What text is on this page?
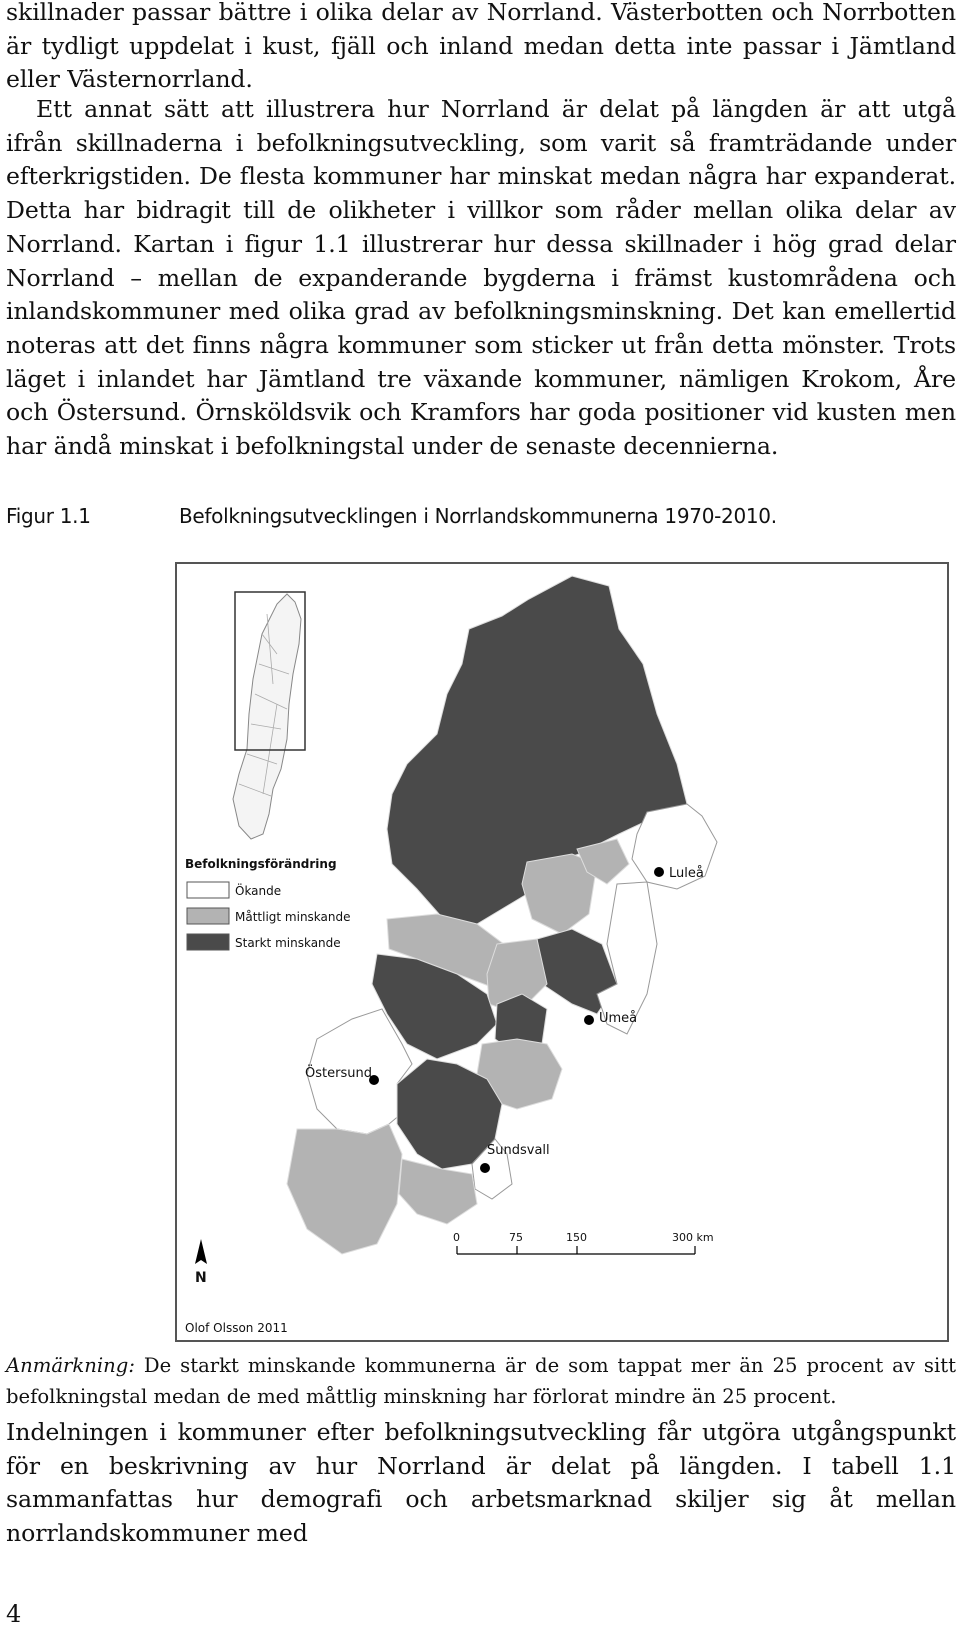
skillnader passar bättre i olika delar av Norrland. Västerbotten och Norrbotten är tydligt uppdelat i kust, fjäll och inland medan detta inte passar i Jämtland eller Västernorrland.

Ett annat sätt att illustrera hur Norrland är delat på längden är att utgå ifrån skillnaderna i befolkningsutveckling, som varit så framträdande under efterkrigstiden. De flesta kommuner har minskat medan några har expanderat. Detta har bidragit till de olikheter i villkor som råder mellan olika delar av Norrland. Kartan i figur 1.1 illustrerar hur dessa skillnader i hög grad delar Norrland – mellan de expanderande bygderna i främst kustområdena och inlandskommuner med olika grad av befolkningsminskning. Det kan emellertid noteras att det finns några kommuner som sticker ut från detta mönster. Trots läget i inlandet har Jämtland tre växande kommuner, nämligen Krokom, Åre och Östersund. Örnsköldsvik och Kramfors har goda positioner vid kusten men har ändå minskat i befolkningstal under de senaste decennierna.

Figur 1.1	Befolkningsutvecklingen i Norrlandskommunerna 1970-2010.
Befolkningsförändring
Ökande
Måttligt minskande
Starkt minskande
Luleå
Umeå
Östersund
Sundsvall
N
0	75	150	300 km
Olof Olsson 2011

Anmärkning: De starkt minskande kommunerna är de som tappat mer än 25 procent av sitt befolkningstal medan de med måttlig minskning har förlorat mindre än 25 procent.

Indelningen i kommuner efter befolkningsutveckling får utgöra utgångspunkt för en beskrivning av hur Norrland är delat på längden. I tabell 1.1 sammanfattas hur demografi och arbetsmarknad skiljer sig åt mellan norrlandskommuner med

4
